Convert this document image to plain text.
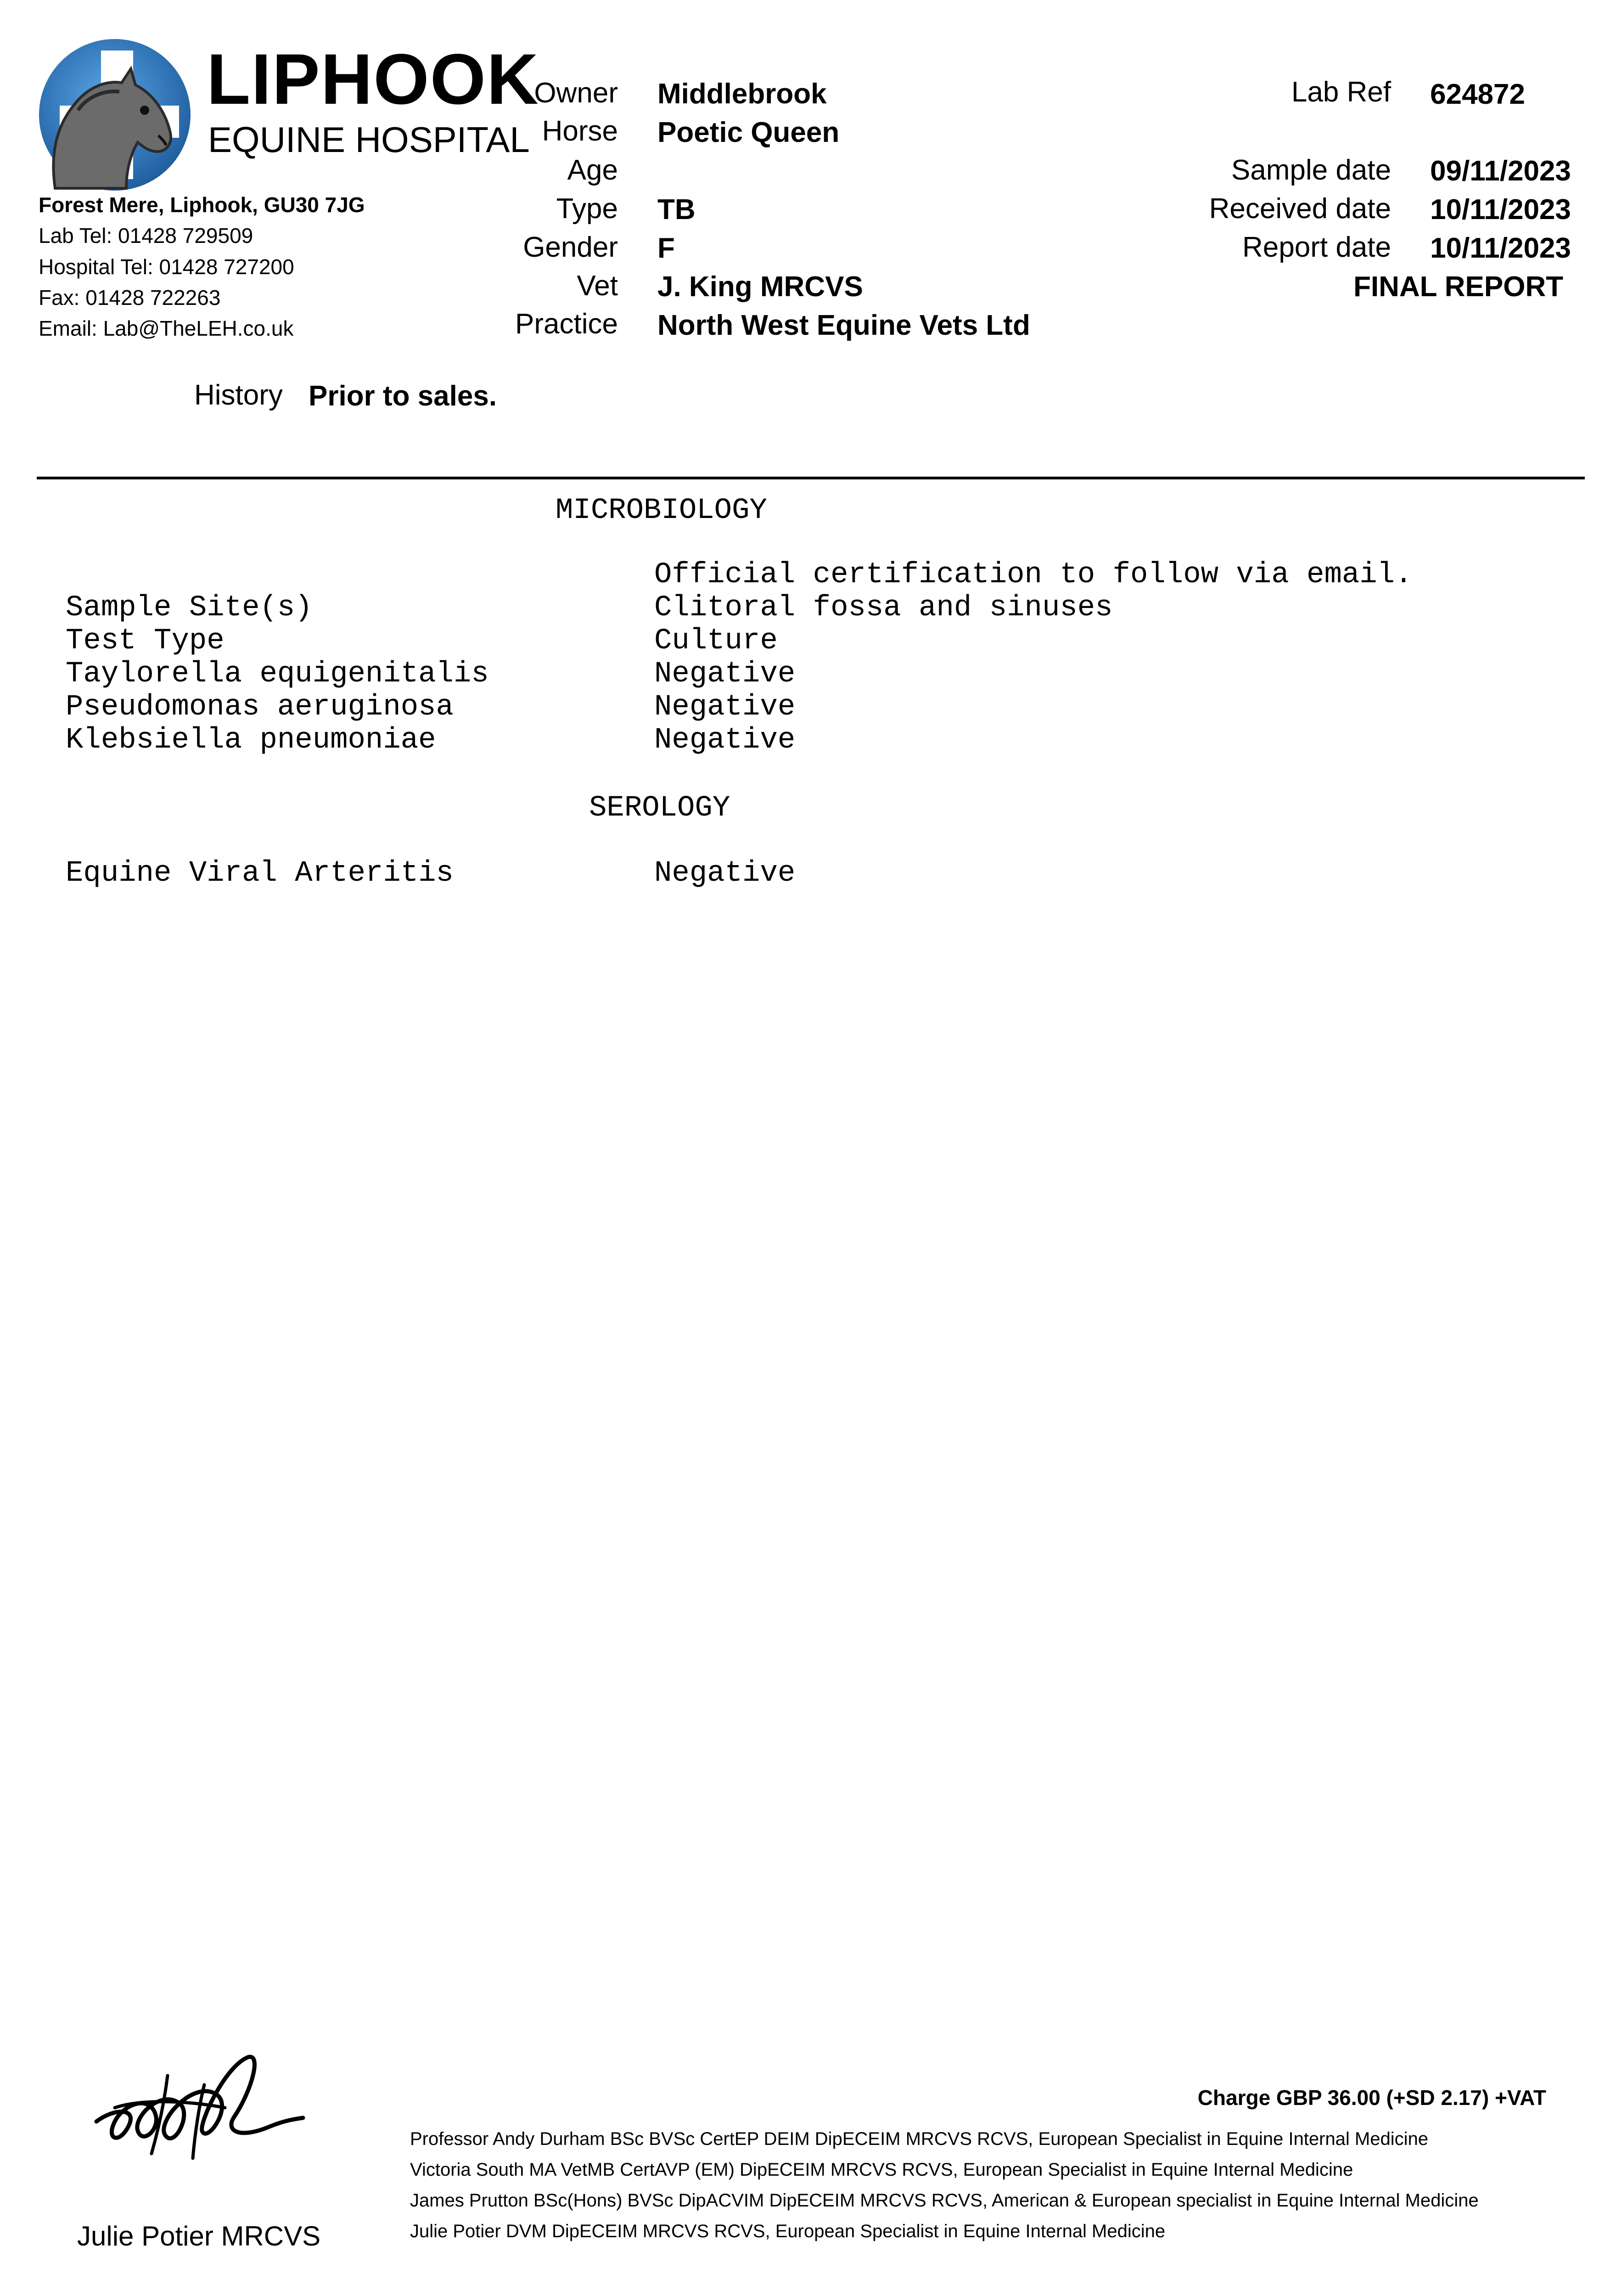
LIPHOOK
EQUINE HOSPITAL
Forest Mere, Liphook, GU30 7JG
Lab Tel: 01428 729509
Hospital Tel: 01428 727200
Fax: 01428 722263
Email: Lab@TheLEH.co.uk
Owner Middlebrook
Horse Poetic Queen
Age
Type TB
Gender F
Vet J. King MRCVS
Practice North West Equine Vets Ltd
Lab Ref 624872
Sample date 09/11/2023
Received date 10/11/2023
Report date 10/11/2023
FINAL REPORT
History Prior to sales.
MICROBIOLOGY
Official certification to follow via email.
Sample Site(s)	Clitoral fossa and sinuses
Test Type	Culture
Taylorella equigenitalis	Negative
Pseudomonas aeruginosa	Negative
Klebsiella pneumoniae	Negative
SEROLOGY
Equine Viral Arteritis	Negative
Charge GBP 36.00 (+SD 2.17) +VAT
Professor Andy Durham BSc BVSc CertEP DEIM DipECEIM MRCVS RCVS, European Specialist in Equine Internal Medicine
Victoria South MA VetMB CertAVP (EM) DipECEIM MRCVS RCVS, European Specialist in Equine Internal Medicine
James Prutton BSc(Hons) BVSc DipACVIM DipECEIM MRCVS RCVS, American & European specialist in Equine Internal Medicine
Julie Potier DVM DipECEIM MRCVS RCVS, European Specialist in Equine Internal Medicine
Julie Potier MRCVS
